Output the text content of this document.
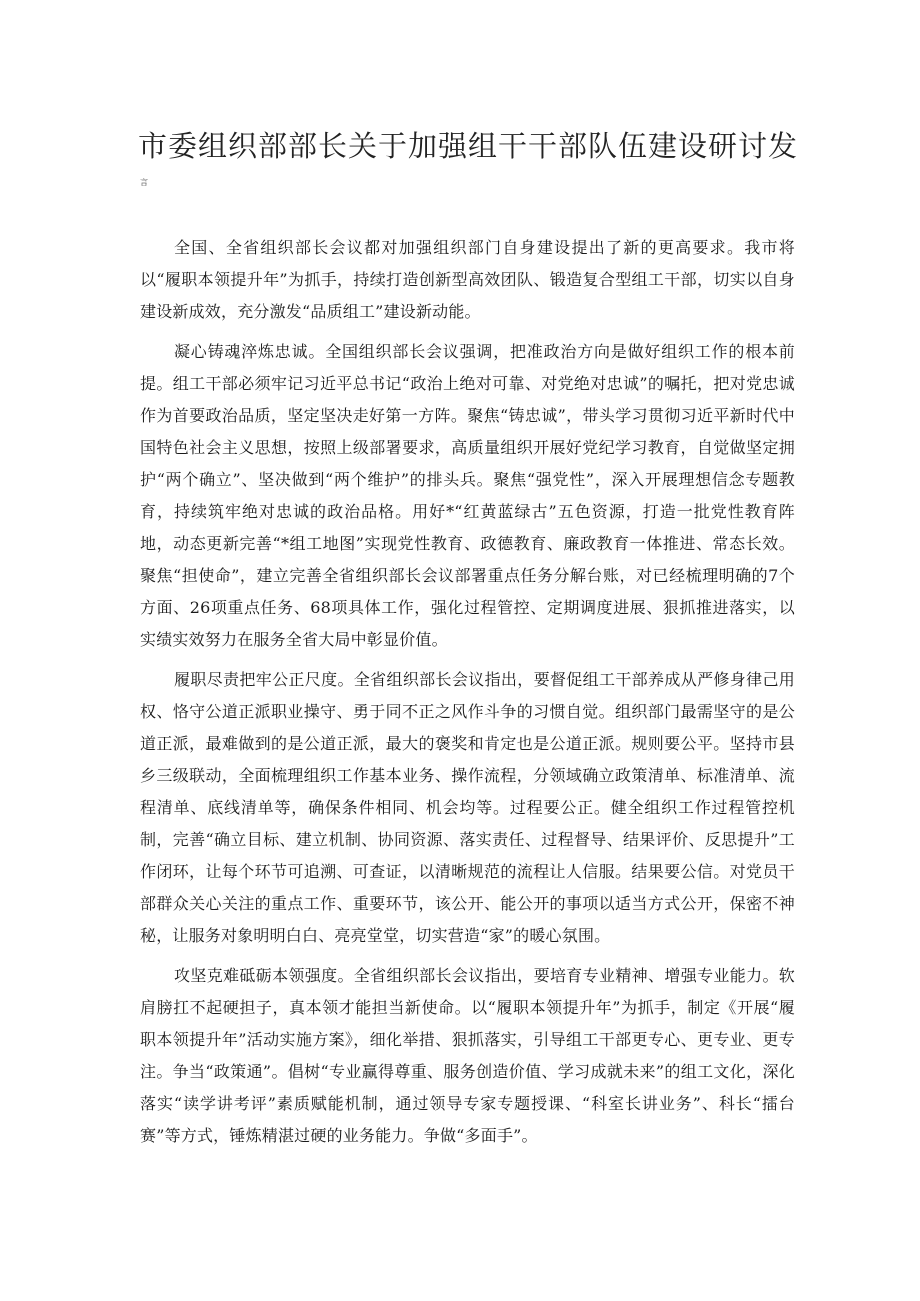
市委组织部部长关于加强组干干部队伍建设研讨发
言

全国、全省组织部长会议都对加强组织部门自身建设提出了新的更高要求。我市将以“履职本领提升年”为抓手，持续打造创新型高效团队、锻造复合型组工干部，切实以自身建设新成效，充分激发“品质组工”建设新动能。

凝心铸魂淬炼忠诚。全国组织部长会议强调，把准政治方向是做好组织工作的根本前提。组工干部必须牢记习近平总书记“政治上绝对可靠、对党绝对忠诚”的嘱托，把对党忠诚作为首要政治品质，坚定坚决走好第一方阵。聚焦“铸忠诚”，带头学习贯彻习近平新时代中国特色社会主义思想，按照上级部署要求，高质量组织开展好党纪学习教育，自觉做坚定拥护“两个确立”、坚决做到“两个维护”的排头兵。聚焦“强党性”，深入开展理想信念专题教育，持续筑牢绝对忠诚的政治品格。用好*“红黄蓝绿古”五色资源，打造一批党性教育阵地，动态更新完善“*组工地图”实现党性教育、政德教育、廉政教育一体推进、常态长效。聚焦“担使命”，建立完善全省组织部长会议部署重点任务分解台账，对已经梳理明确的7个方面、26项重点任务、68项具体工作，强化过程管控、定期调度进展、狠抓推进落实，以实绩实效努力在服务全省大局中彰显价值。

履职尽责把牢公正尺度。全省组织部长会议指出，要督促组工干部养成从严修身律己用权、恪守公道正派职业操守、勇于同不正之风作斗争的习惯自觉。组织部门最需坚守的是公道正派，最难做到的是公道正派，最大的褒奖和肯定也是公道正派。规则要公平。坚持市县乡三级联动，全面梳理组织工作基本业务、操作流程，分领域确立政策清单、标准清单、流程清单、底线清单等，确保条件相同、机会均等。过程要公正。健全组织工作过程管控机制，完善“确立目标、建立机制、协同资源、落实责任、过程督导、结果评价、反思提升”工作闭环，让每个环节可追溯、可查证，以清晰规范的流程让人信服。结果要公信。对党员干部群众关心关注的重点工作、重要环节，该公开、能公开的事项以适当方式公开，保密不神秘，让服务对象明明白白、亮亮堂堂，切实营造“家”的暖心氛围。

攻坚克难砥砺本领强度。全省组织部长会议指出，要培育专业精神、增强专业能力。软肩膀扛不起硬担子，真本领才能担当新使命。以“履职本领提升年”为抓手，制定《开展“履职本领提升年”活动实施方案》，细化举措、狠抓落实，引导组工干部更专心、更专业、更专注。争当“政策通”。倡树“专业赢得尊重、服务创造价值、学习成就未来”的组工文化，深化落实“读学讲考评”素质赋能机制，通过领导专家专题授课、“科室长讲业务”、科长“擂台赛”等方式，锤炼精湛过硬的业务能力。争做“多面手”。
